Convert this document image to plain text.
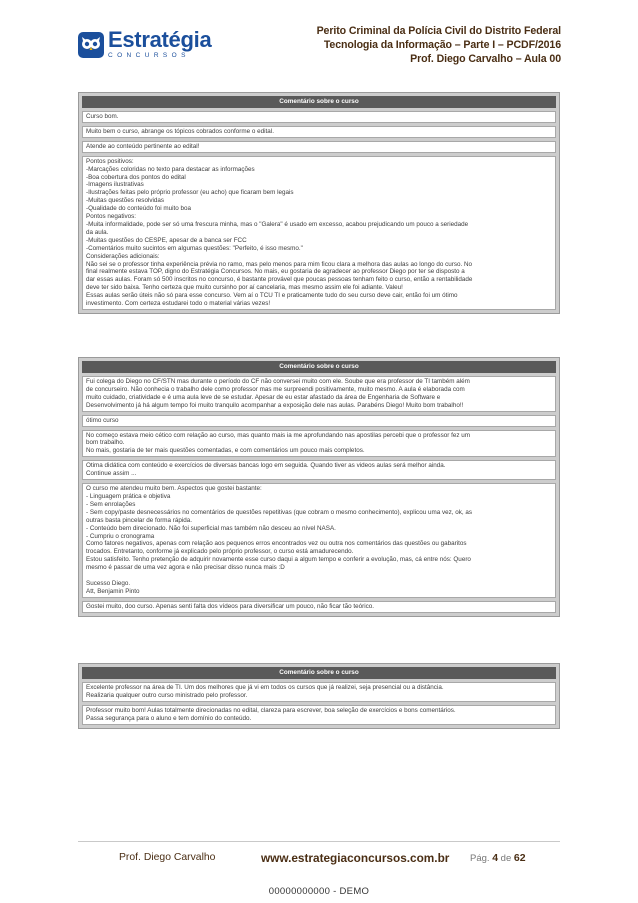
Estratégia
CONCURSOS
Perito Criminal da Polícia Civil do Distrito Federal
Tecnologia da Informação – Parte I – PCDF/2016
Prof. Diego Carvalho – Aula 00
Comentário sobre o curso
Curso bom.
Muito bem o curso, abrange os tópicos cobrados conforme o edital.
Atende ao conteúdo pertinente ao edital!
Pontos positivos:
-Marcações coloridas no texto para destacar as informações
-Boa cobertura dos pontos do edital
-Imagens ilustrativas
-Ilustrações feitas pelo próprio professor (eu acho) que ficaram bem legais
-Muitas questões resolvidas
-Qualidade do conteúdo foi muito boa
Pontos negativos:
-Muita informalidade, pode ser só uma frescura minha, mas o "Galera" é usado em excesso, acabou prejudicando um pouco a seriedade
da aula.
-Muitas questões do CESPE, apesar de a banca ser FCC
-Comentários muito sucintos em algumas questões: "Perfeito, é isso mesmo."
Considerações adicionais:
Não sei se o professor tinha experiência prévia no ramo, mas pelo menos para mim ficou clara a melhora das aulas ao longo do curso. No
final realmente estava TOP, digno do Estratégia Concursos. No mais, eu gostaria de agradecer ao professor Diego por ter se disposto a
dar essas aulas. Foram só 500 inscritos no concurso, é bastante provável que poucas pessoas tenham feito o curso, então a rentabilidade
deve ter sido baixa. Tenho certeza que muito cursinho por aí cancelaria, mas mesmo assim ele foi adiante. Valeu!
Essas aulas serão úteis não só para esse concurso. Vem aí o TCU TI e praticamente tudo do seu curso deve cair, então foi um ótimo
investimento. Com certeza estudarei todo o material várias vezes!
Comentário sobre o curso
Fui colega do Diego no CF/STN mas durante o período do CF não conversei muito com ele. Soube que era professor de TI também além
de concurseiro. Não conhecia o trabalho dele como professor mas me surpreendi positivamente, muito mesmo. A aula é elaborada com
muito cuidado, criatividade e é uma aula leve de se estudar. Apesar de eu estar afastado da área de Engenharia de Software e
Desenvolvimento já há algum tempo foi muito tranquilo acompanhar a exposição dele nas aulas. Parabéns Diego! Muito bom trabalho!!
ótimo curso
No começo estava meio cético com relação ao curso, mas quanto mais ia me aprofundando nas apostilas percebi que o professor fez um
bom trabalho.
No mais, gostaria de ter mais questões comentadas, e com comentários um pouco mais completos.
Ótima didática com conteúdo e exercícios de diversas bancas logo em seguida. Quando tiver as videos aulas será melhor ainda.
Continue assim ...
O curso me atendeu muito bem. Aspectos que gostei bastante:
- Linguagem prática e objetiva
- Sem enrolações
- Sem copy/paste desnecessários no comentários de questões repetitivas (que cobram o mesmo conhecimento), explicou uma vez, ok, as
outras basta pincelar de forma rápida.
- Conteúdo bem direcionado. Não foi superficial mas também não desceu ao nível NASA.
- Cumpriu o cronograma
Como fatores negativos, apenas com relação aos pequenos erros encontrados vez ou outra nos comentários das questões ou gabaritos
trocados. Entretanto, conforme já explicado pelo próprio professor, o curso está amadurecendo.
Estou satisfeito. Tenho pretenção de adquirir novamente esse curso daqui a algum tempo e conferir a evolução, mas, cá entre nós: Quero
mesmo é passar de uma vez agora e não precisar disso nunca mais :D
Sucesso Diego.
Att, Benjamin Pinto
Gostei muito, doo curso. Apenas senti falta dos vídeos para diversificar um pouco, não ficar tão teórico.
Comentário sobre o curso
Excelente professor na área de TI. Um dos melhores que já vi em todos os cursos que já realizei, seja presencial ou a distância.
Realizaria qualquer outro curso ministrado pelo professor.
Professor muito bom! Aulas totalmente direcionadas no edital, clareza para escrever, boa seleção de exercícios e bons comentários.
Passa segurança para o aluno e tem domínio do conteúdo.
Prof. Diego Carvalho	www.estrategiaconcursos.com.br Pág. 4 de 62
00000000000 - DEMO
